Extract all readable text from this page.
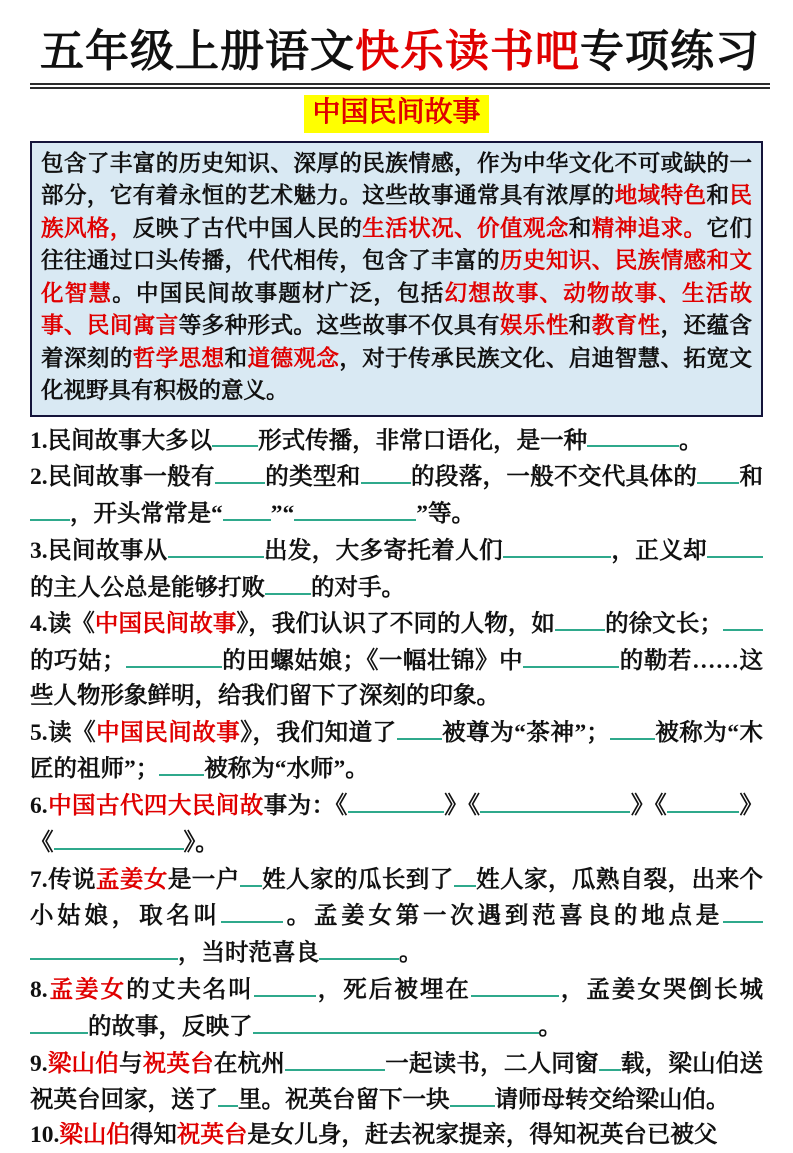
五年级上册语文快乐读书吧专项练习
中国民间故事
包含了丰富的历史知识、深厚的民族情感，作为中华文化不可或缺的一部分，它有着永恒的艺术魅力。这些故事通常具有浓厚的地域特色和民族风格，反映了古代中国人民的生活状况、价值观念和精神追求。它们往往通过口头传播，代代相传，包含了丰富的历史知识、民族情感和文化智慧。中国民间故事题材广泛，包括幻想故事、动物故事、生活故事、民间寓言等多种形式。这些故事不仅具有娱乐性和教育性，还蕴含着深刻的哲学思想和道德观念，对于传承民族文化、启迪智慧、拓宽文化视野具有积极的意义。

1.民间故事大多以 形式传播，非常口语化，是一种	。

2.民间故事一般有 的类型和 的段落，一般不交代具体的 和，开头常常是“ ”“	”等。

3.民间故事从	出发，大多寄托着人们	，正义却的主人公总是能够打败 的对手。

4.读《中国民间故事》，我们认识了不同的人物，如 的徐文长；的巧姑；	的田螺姑娘；《一幅壮锦》中	的勒若……这些人物形象鲜明，给我们留下了深刻的印象。

5.读《中国民间故事》，我们知道了 被尊为“茶神”； 被称为“木匠的祖师”； 被称为“水师”。

6.中国古代四大民间故事为：《	》《	》《	》《	》。

7.传说孟姜女是一户 姓人家的瓜长到了 姓人家，瓜熟自裂，出来个小姑娘，取名叫	。孟姜女第一次遇到范喜良的地点是，当时范喜良	。

8.孟姜女的丈夫名叫	，死后被埋在	，孟姜女哭倒长城的故事，反映了	。

9.梁山伯与祝英台在杭州	一起读书，二人同窗 载，梁山伯送祝英台回家，送了 里。祝英台留下一块 请师母转交给梁山伯。

10.梁山伯得知祝英台是女儿身，赶去祝家提亲，得知祝英台已被父
